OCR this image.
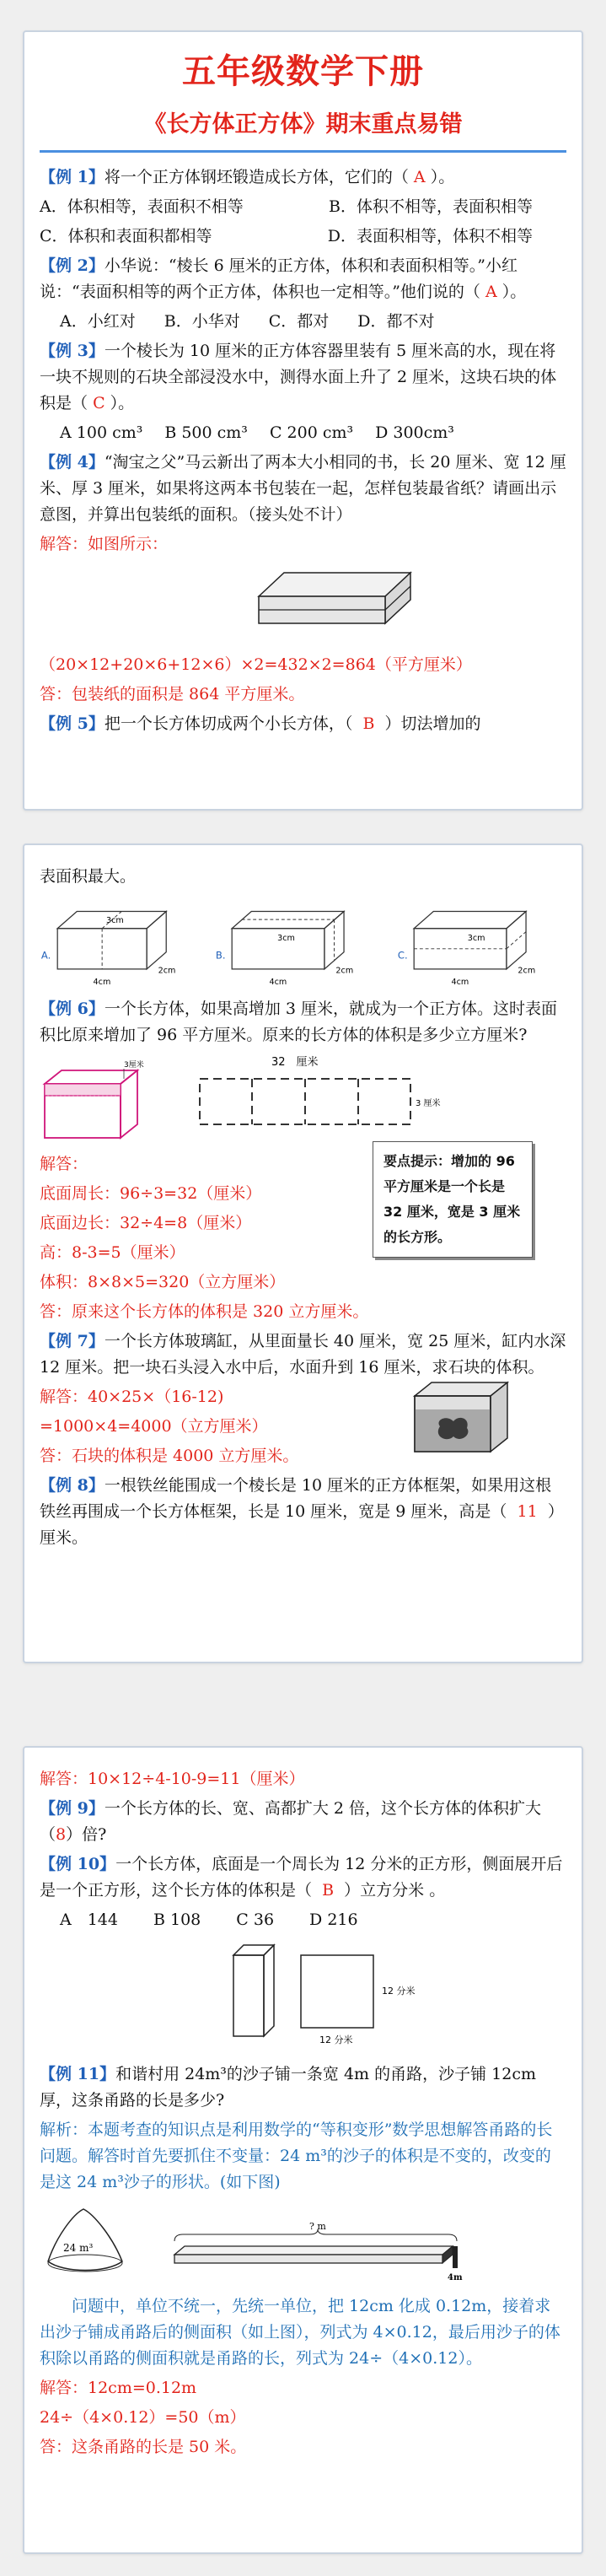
五年级数学下册
《长方体正方体》期末重点易错
【例 1】将一个正方体钢坯锻造成长方体，它们的（ A ）。
A．体积相等，表面积不相等	B．体积不相等，表面积相等
C．体积和表面积都相等	D．表面积相等，体积不相等
【例 2】小华说：“棱长 6 厘米的正方体，体积和表面积相等。”小红说：“表面积相等的两个正方体，体积也一定相等。”他们说的（ A ）。
A．小红对 B．小华对 C．都对 D．都不对
【例 3】一个棱长为 10 厘米的正方体容器里装有 5 厘米高的水，现在将一块不规则的石块全部浸没水中，测得水面上升了 2 厘米，这块石块的体积是（ C ）。
A 100 cm³ B 500 cm³ C 200 cm³ D 300cm³
【例 4】“淘宝之父”马云新出了两本大小相同的书，长 20 厘米、宽 12 厘米、厚 3 厘米，如果将这两本书包装在一起，怎样包装最省纸？请画出示意图，并算出包装纸的面积。（接头处不计）
解答：如图所示：
（20×12+20×6+12×6）×2=432×2=864（平方厘米）
答：包装纸的面积是 864 平方厘米。
【例 5】把一个长方体切成两个小长方体，（ B ）切法增加的
表面积最大。
A.
3cm
2cm
4cm
B.
3cm
2cm
4cm
C.
3cm
2cm
4cm
【例 6】一个长方体，如果高增加 3 厘米，就成为一个正方体。这时表面积比原来增加了 96 平方厘米。原来的长方体的体积是多少立方厘米?
3厘米	32　厘米
3 厘米
解答：
底面周长：96÷3=32（厘米）
底面边长：32÷4=8（厘米）
高：8-3=5（厘米）
体积：8×8×5=320（立方厘米）
要点提示：增加的 96 平方厘米是一个长是 32 厘米，宽是 3 厘米的长方形。
答：原来这个长方体的体积是 320 立方厘米。
【例 7】一个长方体玻璃缸，从里面量长 40 厘米，宽 25 厘米，缸内水深 12 厘米。把一块石头浸入水中后，水面升到 16 厘米，求石块的体积。
解答：40×25×（16-12)
=1000×4=4000（立方厘米）
答：石块的体积是 4000 立方厘米。
【例 8】一根铁丝能围成一个棱长是 10 厘米的正方体框架，如果用这根铁丝再围成一个长方体框架，长是 10 厘米，宽是 9 厘米，高是（ 11 ）厘米。
解答：10×12÷4-10-9=11（厘米）
【例 9】一个长方体的长、宽、高都扩大 2 倍，这个长方体的体积扩大（8）倍?
【例 10】一个长方体，底面是一个周长为 12 分米的正方形，侧面展开后是一个正方形，这个长方体的体积是（ B ）立方分米 。
A　144 B 108 C 36 D 216
12 分米
12 分米
【例 11】和谐村用 24m³的沙子铺一条宽 4m 的甬路，沙子铺 12cm 厚，这条甬路的长是多少?
解析：本题考查的知识点是利用数学的“等积变形”数学思想解答甬路的长问题。解答时首先要抓住不变量：24 m³的沙子的体积是不变的，改变的是这 24 m³沙子的形状。(如下图)
24 m³
? m
4m
问题中，单位不统一，先统一单位，把 12cm 化成 0.12m，接着求出沙子铺成甬路后的侧面积（如上图），列式为 4×0.12，最后用沙子的体积除以甬路的侧面积就是甬路的长，列式为 24÷（4×0.12）。
解答：12cm=0.12m
24÷（4×0.12）=50（m）
答：这条甬路的长是 50 米。
